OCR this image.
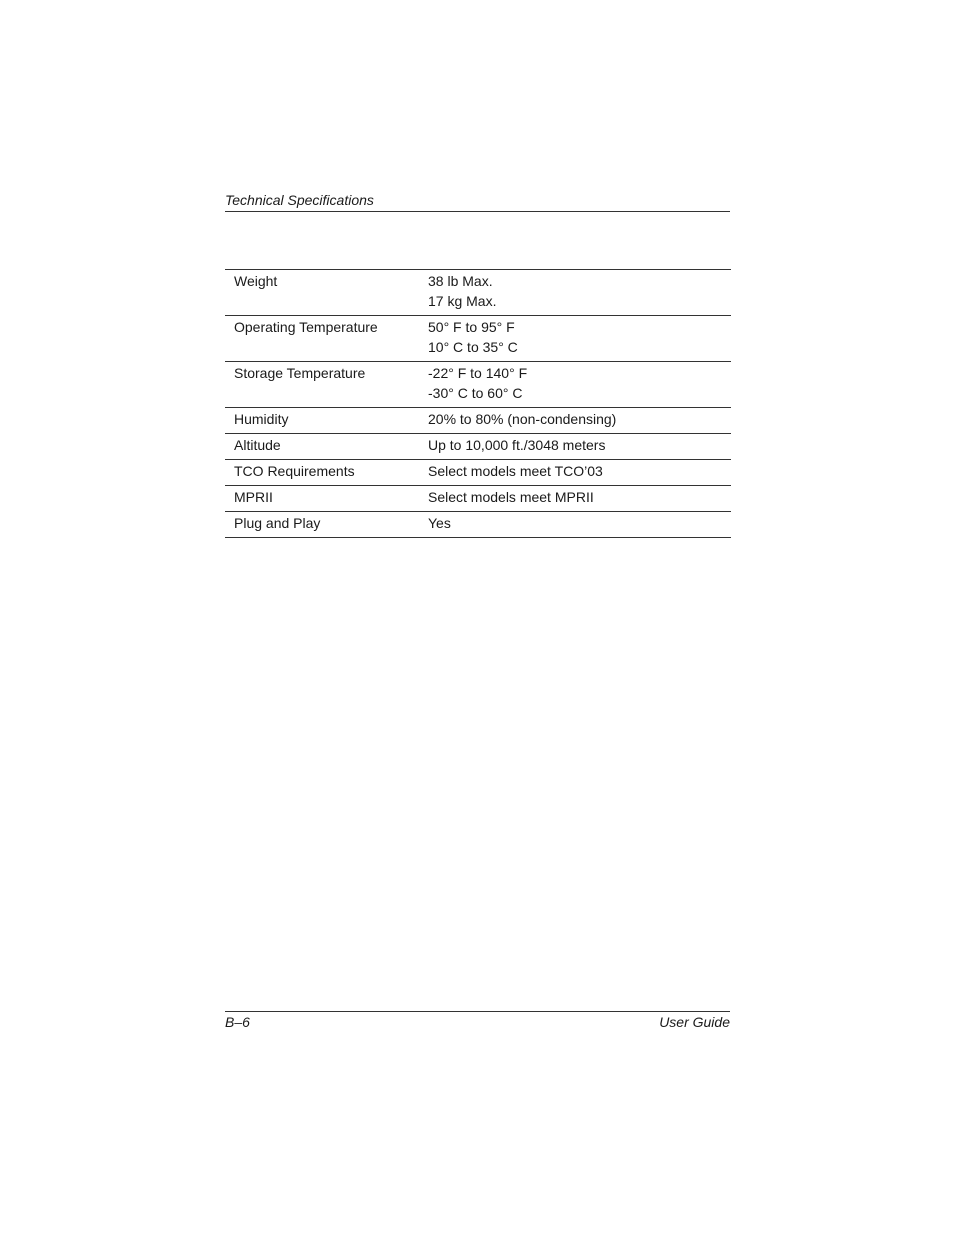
Technical Specifications
Weight	38 lb Max.
17 kg Max.
Operating Temperature	50° F to 95° F
10° C to 35° C
Storage Temperature	-22° F to 140° F
-30° C to 60° C
Humidity	20% to 80% (non-condensing)
Altitude	Up to 10,000 ft./3048 meters
TCO Requirements	Select models meet TCO’03
MPRII	Select models meet MPRII
Plug and Play	Yes
B–6	User Guide
